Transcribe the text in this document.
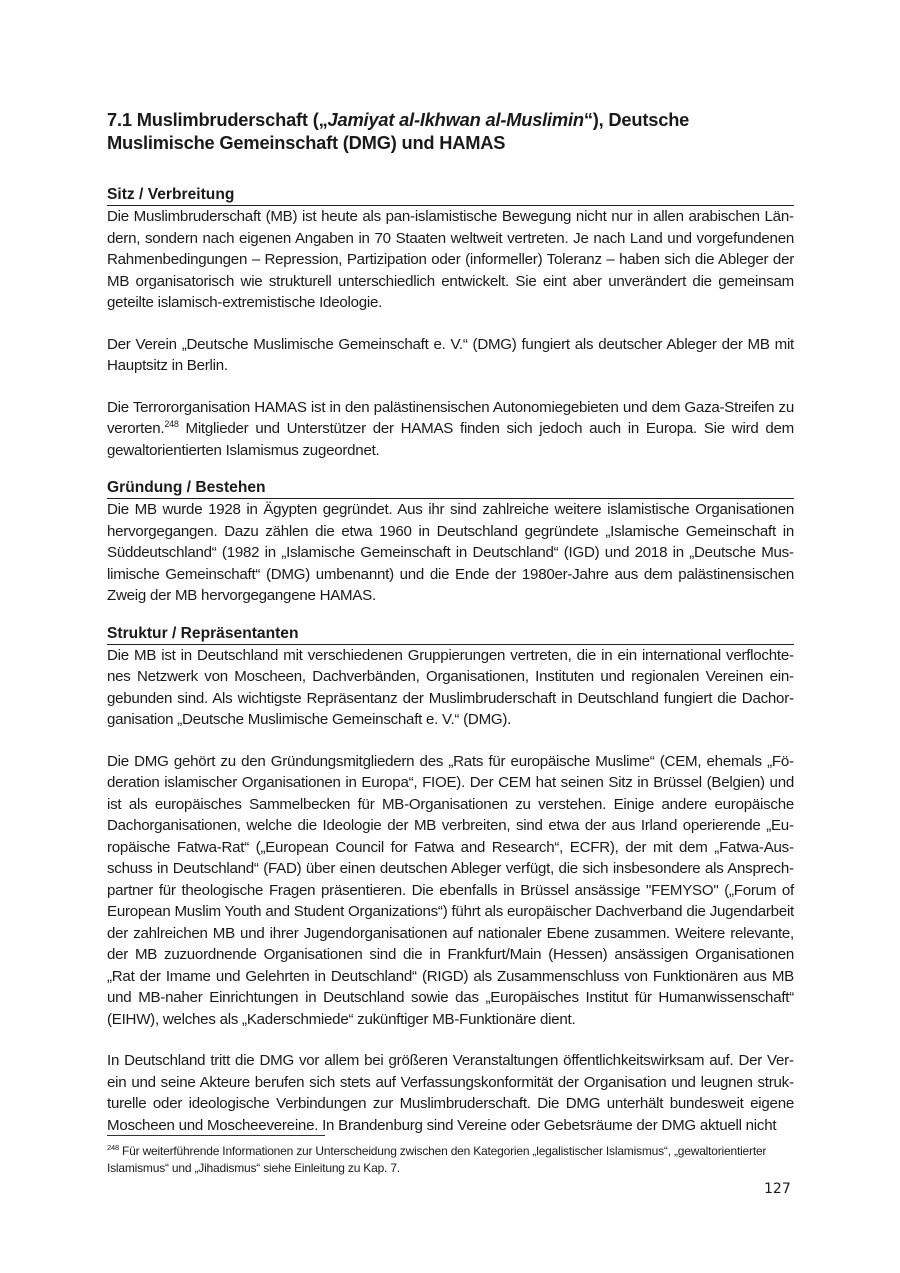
7.1 Muslimbruderschaft („Jamiyat al-Ikhwan al-Muslimin“), Deutsche Muslimische Gemeinschaft (DMG) und HAMAS
Sitz / Verbreitung

Die Muslimbruderschaft (MB) ist heute als pan-islamistische Bewegung nicht nur in allen arabischen Ländern, sondern nach eigenen Angaben in 70 Staaten weltweit vertreten. Je nach Land und vorgefundenen Rahmenbedingungen – Repression, Partizipation oder (informeller) Toleranz – haben sich die Ableger der MB organisatorisch wie strukturell unterschiedlich entwickelt. Sie eint aber unverändert die gemeinsam geteilte islamisch-extremistische Ideologie.

Der Verein „Deutsche Muslimische Gemeinschaft e. V.“ (DMG) fungiert als deutscher Ableger der MB mit Hauptsitz in Berlin.

Die Terrororganisation HAMAS ist in den palästinensischen Autonomiegebieten und dem Gaza-Streifen zu verorten.$^{248}$ Mitglieder und Unterstützer der HAMAS finden sich jedoch auch in Europa. Sie wird dem gewaltorientierten Islamismus zugeordnet.

Gründung / Bestehen

Die MB wurde 1928 in Ägypten gegründet. Aus ihr sind zahlreiche weitere islamistische Organisationen hervorgegangen. Dazu zählen die etwa 1960 in Deutschland gegründete „Islamische Gemeinschaft in Süddeutschland“ (1982 in „Islamische Gemeinschaft in Deutschland“ (IGD) und 2018 in „Deutsche Muslimische Gemeinschaft“ (DMG) umbenannt) und die Ende der 1980er-Jahre aus dem palästinensischen Zweig der MB hervorgegangene HAMAS.

Struktur / Repräsentanten

Die MB ist in Deutschland mit verschiedenen Gruppierungen vertreten, die in ein international verflochtenes Netzwerk von Moscheen, Dachverbänden, Organisationen, Instituten und regionalen Vereinen eingebunden sind. Als wichtigste Repräsentanz der Muslimbruderschaft in Deutschland fungiert die Dachorganisation „Deutsche Muslimische Gemeinschaft e. V.“ (DMG).

Die DMG gehört zu den Gründungsmitgliedern des „Rats für europäische Muslime“ (CEM, ehemals „Föderation islamischer Organisationen in Europa“, FIOE). Der CEM hat seinen Sitz in Brüssel (Belgien) und ist als europäisches Sammelbecken für MB-Organisationen zu verstehen. Einige andere europäische Dachorganisationen, welche die Ideologie der MB verbreiten, sind etwa der aus Irland operierende „Europäische Fatwa-Rat“ („European Council for Fatwa and Research“, ECFR), der mit dem „Fatwa-Ausschuss in Deutschland“ (FAD) über einen deutschen Ableger verfügt, die sich insbesondere als Ansprechpartner für theologische Fragen präsentieren. Die ebenfalls in Brüssel ansässige "FEMYSO" („Forum of European Muslim Youth and Student Organizations“) führt als europäischer Dachverband die Jugendarbeit der zahlreichen MB und ihrer Jugendorganisationen auf nationaler Ebene zusammen. Weitere relevante, der MB zuzuordnende Organisationen sind die in Frankfurt/Main (Hessen) ansässigen Organisationen „Rat der Imame und Gelehrten in Deutschland“ (RIGD) als Zusammenschluss von Funktionären aus MB und MB-naher Einrichtungen in Deutschland sowie das „Europäisches Institut für Humanwissenschaft“ (EIHW), welches als „Kaderschmiede“ zukünftiger MB-Funktionäre dient.

In Deutschland tritt die DMG vor allem bei größeren Veranstaltungen öffentlichkeitswirksam auf. Der Verein und seine Akteure berufen sich stets auf Verfassungskonformität der Organisation und leugnen strukturelle oder ideologische Verbindungen zur Muslimbruderschaft. Die DMG unterhält bundesweit eigene Moscheen und Moscheevereine. In Brandenburg sind Vereine oder Gebetsräume der DMG aktuell nicht

$^{248}$ Für weiterführende Informationen zur Unterscheidung zwischen den Kategorien „legalistischer Islamismus“, „gewaltorientierter Islamismus“ und „Jihadismus“ siehe Einleitung zu Kap. 7.
127
